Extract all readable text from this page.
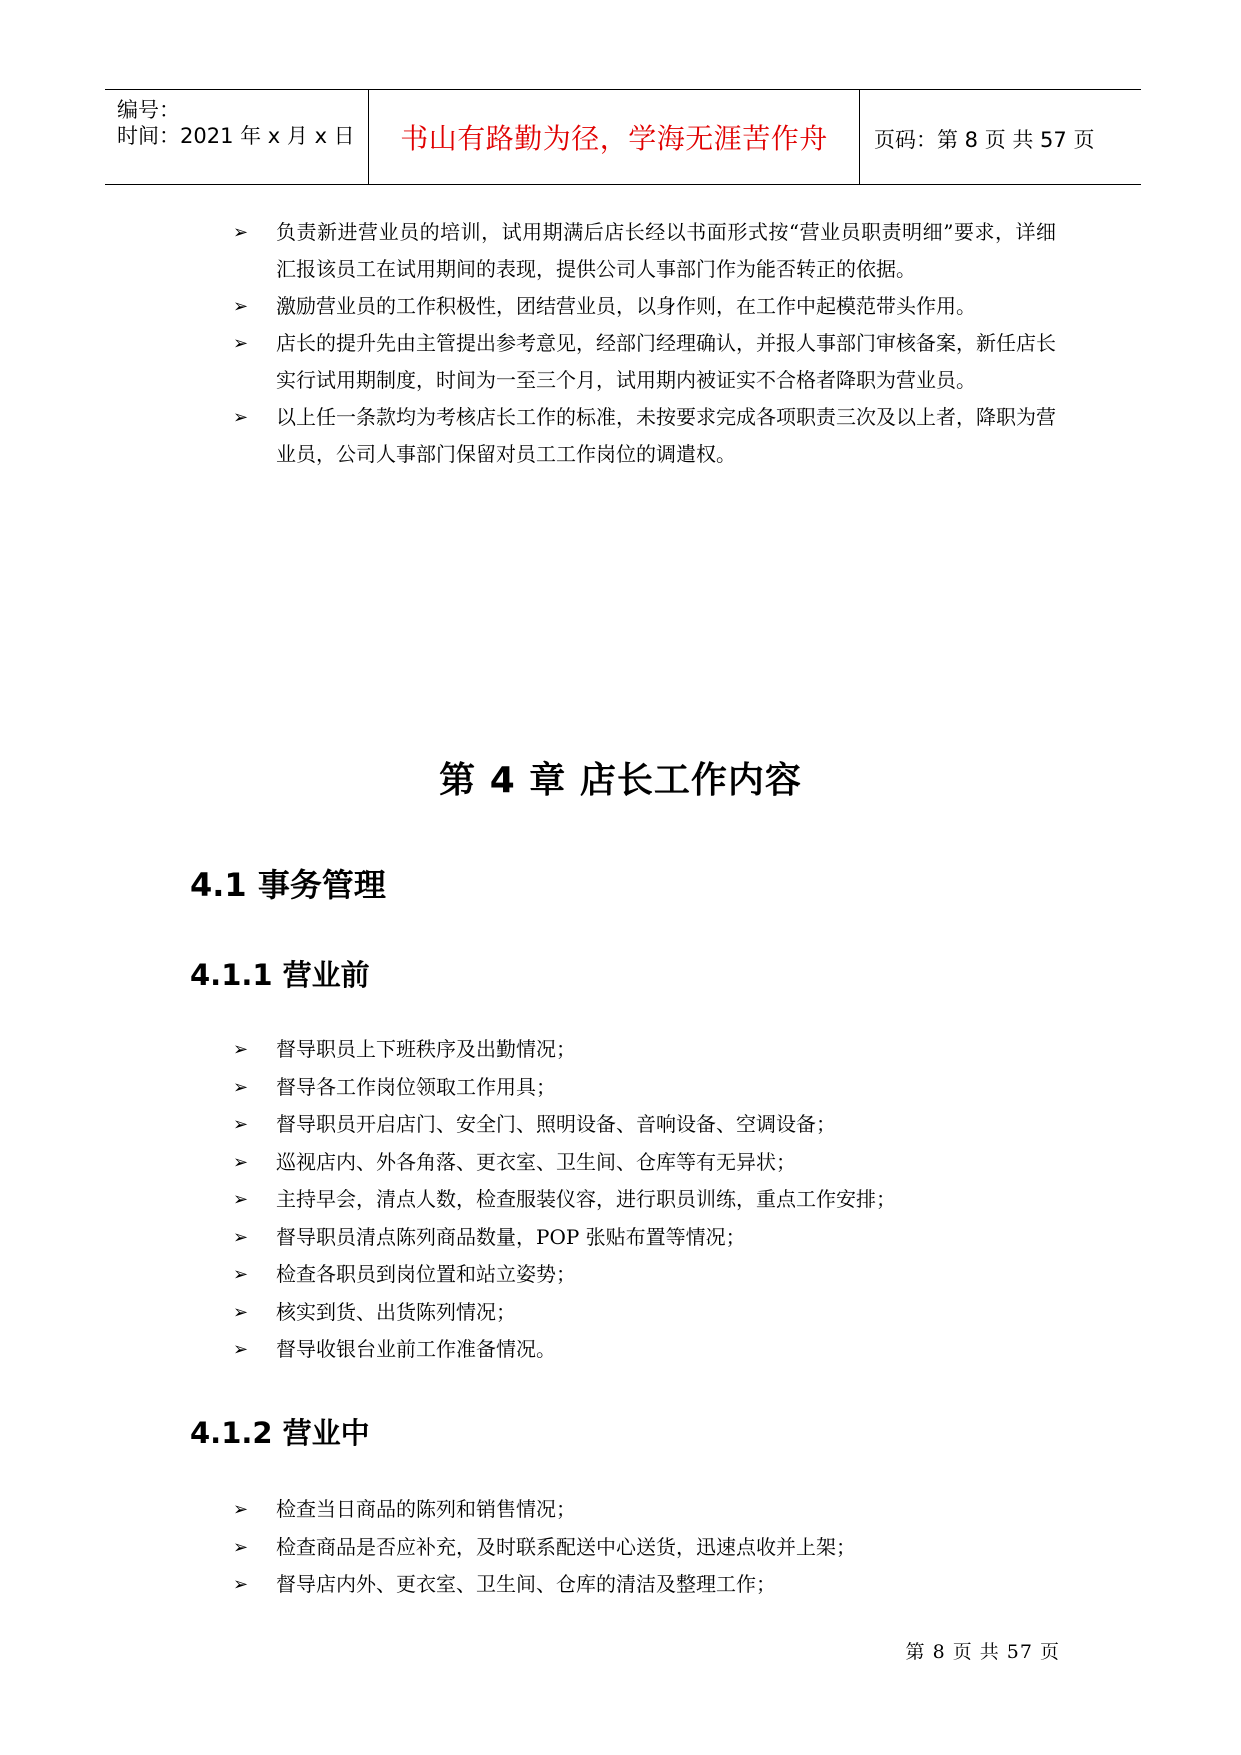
编号：
时间：2021 年 x 月 x 日	书山有路勤为径，学海无涯苦作舟	页码：第 8 页 共 57 页
➢ 负责新进营业员的培训，试用期满后店长经以书面形式按“营业员职责明细”要求，详细汇报该员工在试用期间的表现，提供公司人事部门作为能否转正的依据。
➢ 激励营业员的工作积极性，团结营业员，以身作则，在工作中起模范带头作用。
➢ 店长的提升先由主管提出参考意见，经部门经理确认，并报人事部门审核备案，新任店长实行试用期制度，时间为一至三个月，试用期内被证实不合格者降职为营业员。
➢ 以上任一条款均为考核店长工作的标准，未按要求完成各项职责三次及以上者，降职为营业员，公司人事部门保留对员工工作岗位的调遣权。
第 4 章 店长工作内容
4.1 事务管理
4.1.1 营业前
➢ 督导职员上下班秩序及出勤情况；
➢ 督导各工作岗位领取工作用具；
➢ 督导职员开启店门、安全门、照明设备、音响设备、空调设备；
➢ 巡视店内、外各角落、更衣室、卫生间、仓库等有无异状；
➢ 主持早会，清点人数，检查服装仪容，进行职员训练，重点工作安排；
➢ 督导职员清点陈列商品数量，POP 张贴布置等情况；
➢ 检查各职员到岗位置和站立姿势；
➢ 核实到货、出货陈列情况；
➢ 督导收银台业前工作准备情况。
4.1.2 营业中
➢ 检查当日商品的陈列和销售情况；
➢ 检查商品是否应补充，及时联系配送中心送货，迅速点收并上架；
➢ 督导店内外、更衣室、卫生间、仓库的清洁及整理工作；
第 8 页 共 57 页
